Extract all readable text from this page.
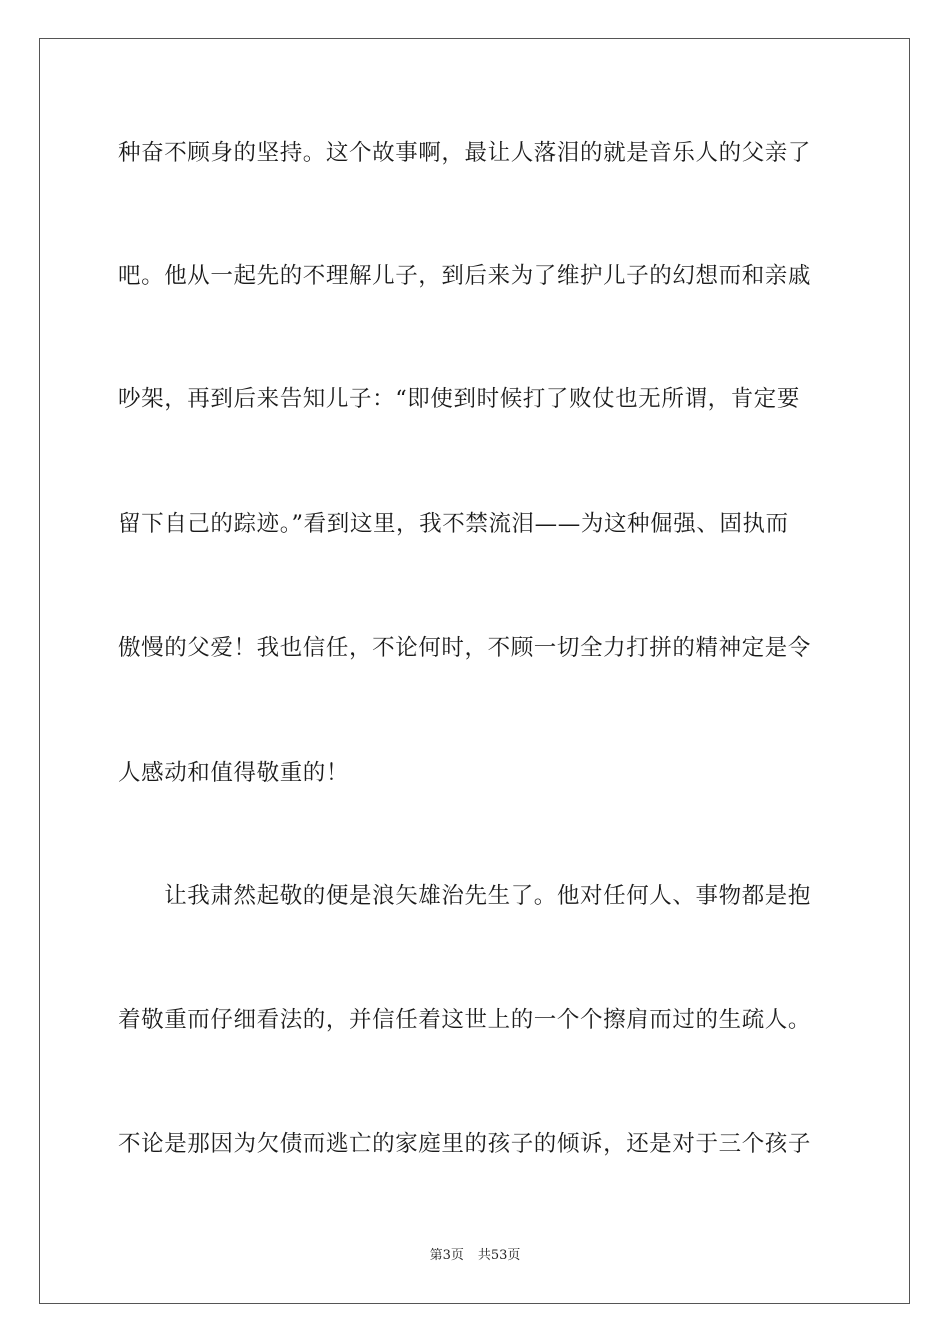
种奋不顾身的坚持。这个故事啊，最让人落泪的就是音乐人的父亲了
吧。他从一起先的不理解儿子，到后来为了维护儿子的幻想而和亲戚
吵架，再到后来告知儿子：“即使到时候打了败仗也无所谓，肯定要
留下自己的踪迹。”看到这里，我不禁流泪——为这种倔强、固执而
傲慢的父爱！我也信任，不论何时，不顾一切全力打拼的精神定是令
人感动和值得敬重的！
　　让我肃然起敬的便是浪矢雄治先生了。他对任何人、事物都是抱
着敬重而仔细看法的，并信任着这世上的一个个擦肩而过的生疏人。
不论是那因为欠债而逃亡的家庭里的孩子的倾诉，还是对于三个孩子
第3页 共53页
